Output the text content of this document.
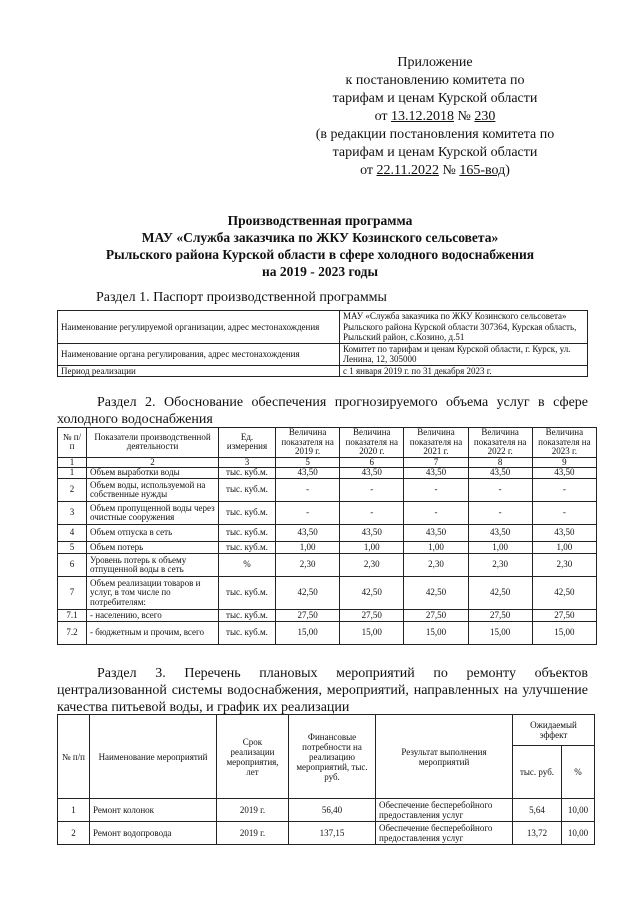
Приложение
к постановлению комитета по
тарифам и ценам Курской области
от 13.12.2018 № 230
(в редакции постановления комитета по
тарифам и ценам Курской области
от 22.11.2022 № 165-вод)
Производственная программа
МАУ «Служба заказчика по ЖКУ Козинского сельсовета»
Рыльского района Курской области в сфере холодного водоснабжения
на 2019 - 2023 годы
Раздел 1. Паспорт производственной программы
Наименование регулируемой организации, адрес местонахождения	МАУ «Служба заказчика по ЖКУ Козинского сельсовета» Рыльского района Курской области 307364, Курская область, Рыльский район, с.Козино, д.51
Наименование органа регулирования, адрес местонахождения	Комитет по тарифам и ценам Курской области, г. Курск, ул. Ленина, 12, 305000
Период реализации	с 1 января 2019 г. по 31 декабря 2023 г.
Раздел 2. Обоснование обеспечения прогнозируемого объема услуг в сфере холодного водоснабжения
№ п/п	Показатели производственной деятельности	Ед. измерения	Величина показателя на 2019 г.	Величина показателя на 2020 г.	Величина показателя на 2021 г.	Величина показателя на 2022 г.	Величина показателя на 2023 г.
1	2	3	5	6	7	8	9
1	Объем выработки воды	тыс. куб.м.	43,50	43,50	43,50	43,50	43,50
2	Объем воды, используемой на собственные нужды	тыс. куб.м.	-	-	-	-	-
3	Объем пропущенной воды через очистные сооружения	тыс. куб.м.	-	-	-	-	-
4	Объем отпуска в сеть	тыс. куб.м.	43,50	43,50	43,50	43,50	43,50
5	Объем потерь	тыс. куб.м.	1,00	1,00	1,00	1,00	1,00
6	Уровень потерь к объему отпущенной воды в сеть	%	2,30	2,30	2,30	2,30	2,30
7	Объем реализации товаров и услуг, в том числе по потребителям:	тыс. куб.м.	42,50	42,50	42,50	42,50	42,50
7.1	- населению, всего	тыс. куб.м.	27,50	27,50	27,50	27,50	27,50
7.2	- бюджетным и прочим, всего	тыс. куб.м.	15,00	15,00	15,00	15,00	15,00
Раздел 3. Перечень плановых мероприятий по ремонту объектов централизованной системы водоснабжения, мероприятий, направленных на улучшение качества питьевой воды, и график их реализации
№ п/п	Наименование мероприятий	Срок реализации мероприятия, лет	Финансовые потребности на реализацию мероприятий, тыс. руб.	Результат выполнения мероприятий	Ожидаемый эффект	
					тыс. руб.	%
1	Ремонт колонок	2019 г.	56,40	Обеспечение бесперебойного предоставления услуг	5,64	10,00
2	Ремонт водопровода	2019 г.	137,15	Обеспечение бесперебойного предоставления услуг	13,72	10,00
